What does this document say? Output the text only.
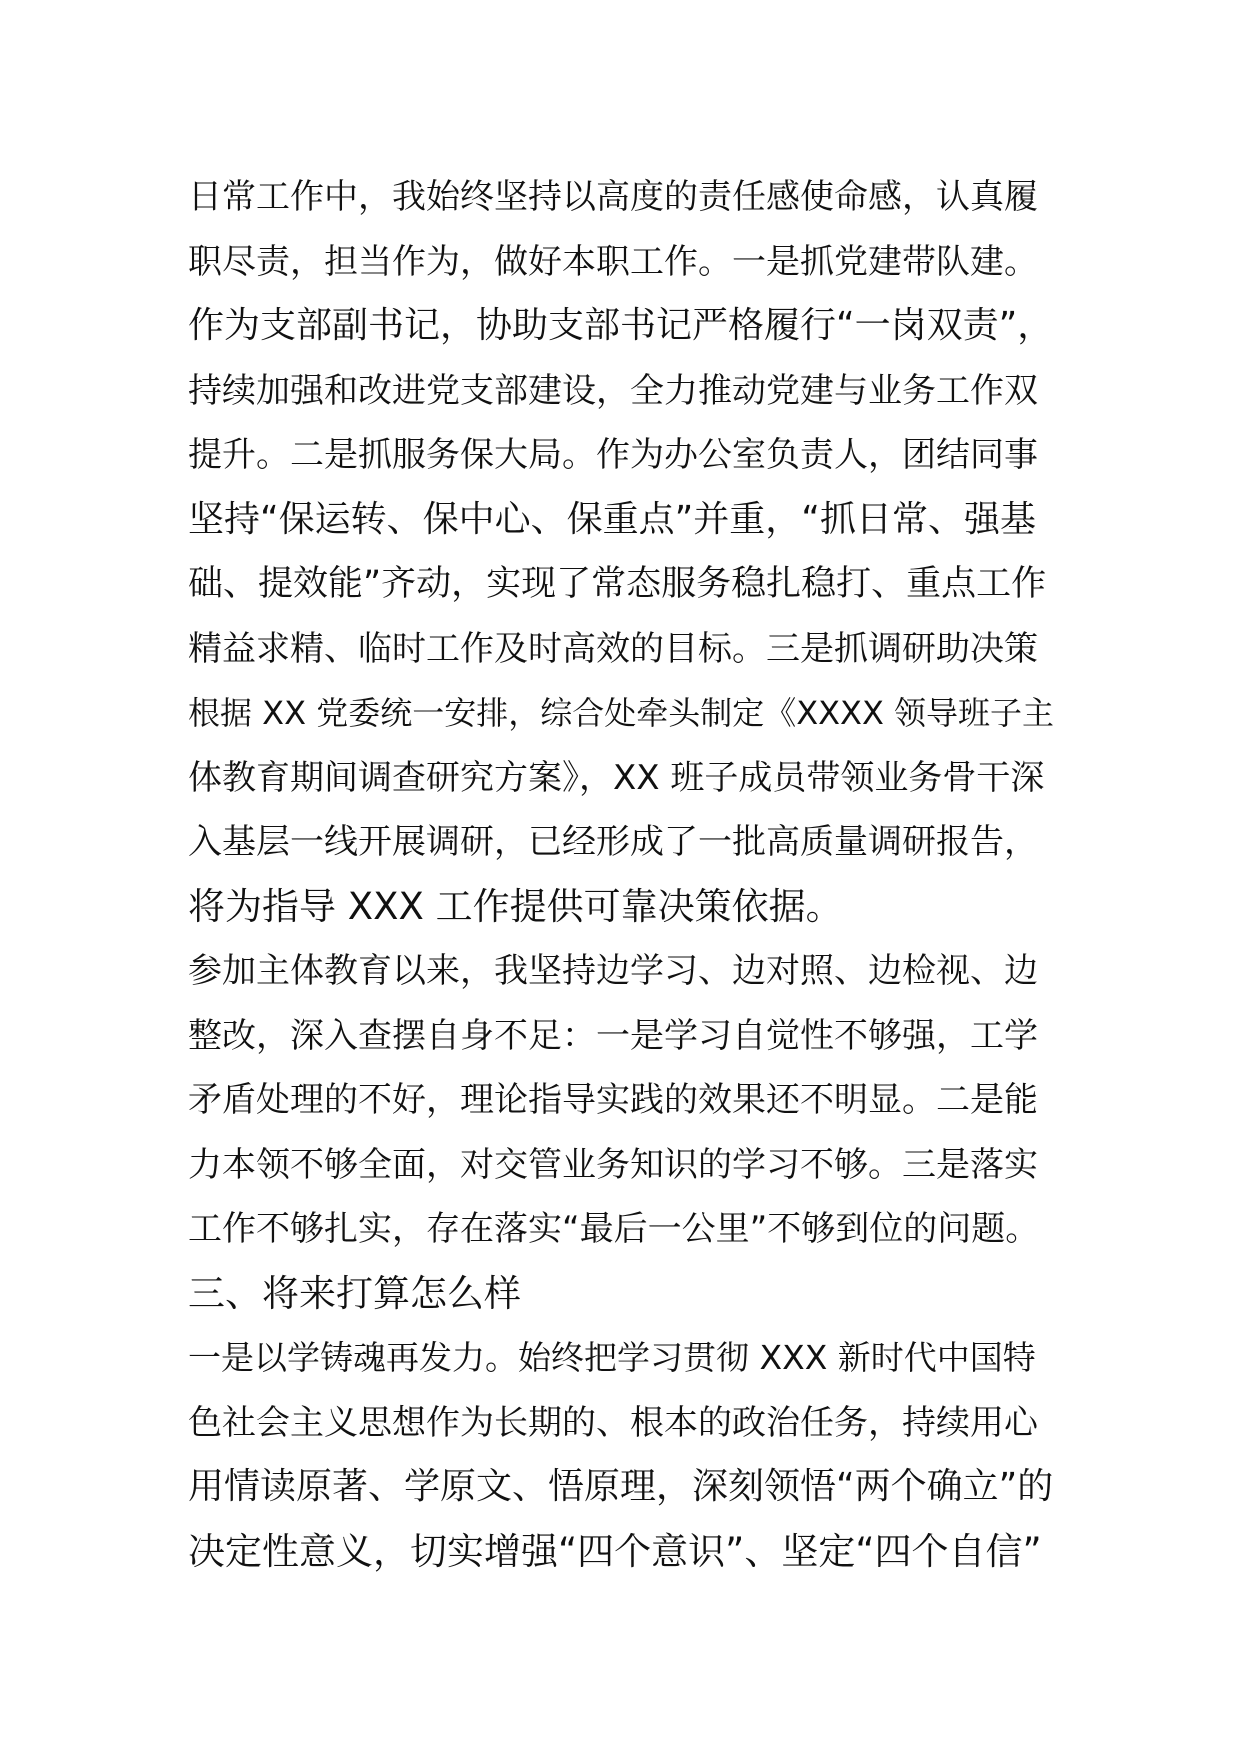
日常工作中，我始终坚持以高度的责任感使命感，认真履
职尽责，担当作为，做好本职工作。一是抓党建带队建。
作为支部副书记，协助支部书记严格履行“一岗双责”，
持续加强和改进党支部建设，全力推动党建与业务工作双
提升。二是抓服务保大局。作为办公室负责人，团结同事
坚持“保运转、保中心、保重点”并重，“抓日常、强基
础、提效能”齐动，实现了常态服务稳扎稳打、重点工作
精益求精、临时工作及时高效的目标。三是抓调研助决策
根据 XX 党委统一安排，综合处牵头制定《XXXX 领导班子主
体教育期间调查研究方案》，XX 班子成员带领业务骨干深
入基层一线开展调研，已经形成了一批高质量调研报告，
将为指导 XXX 工作提供可靠决策依据。
参加主体教育以来，我坚持边学习、边对照、边检视、边
整改，深入查摆自身不足：一是学习自觉性不够强，工学
矛盾处理的不好，理论指导实践的效果还不明显。二是能
力本领不够全面，对交管业务知识的学习不够。三是落实
工作不够扎实，存在落实“最后一公里”不够到位的问题。
三、将来打算怎么样
一是以学铸魂再发力。始终把学习贯彻 XXX 新时代中国特
色社会主义思想作为长期的、根本的政治任务，持续用心
用情读原著、学原文、悟原理，深刻领悟“两个确立”的
决定性意义，切实增强“四个意识”、坚定“四个自信”
